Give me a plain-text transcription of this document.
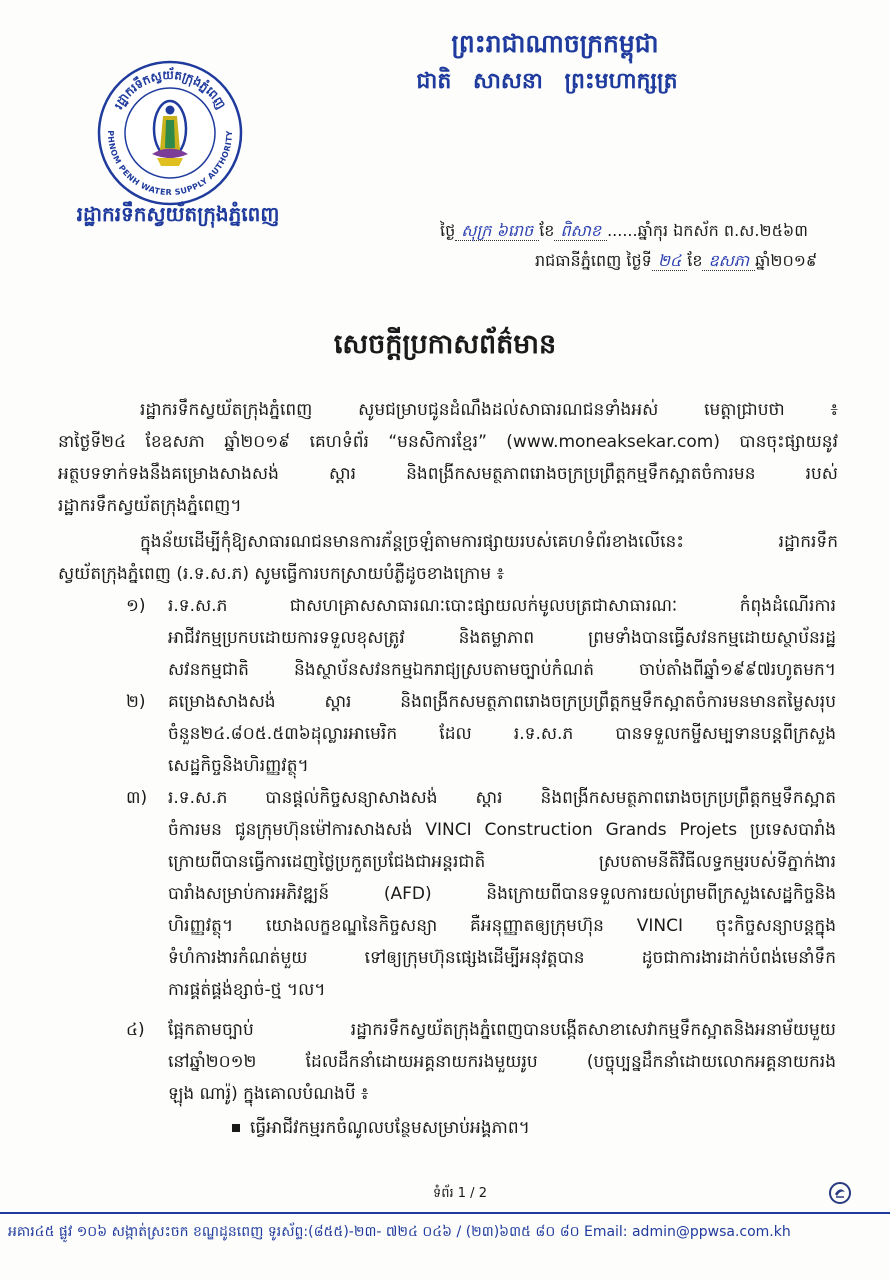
ព្រះរាជាណាចក្រកម្ពុជា
ជាតិ សាសនា ព្រះមហាក្សត្រ
រដ្ឋាករទឹកស្វយ័តក្រុងភ្នំពេញ
PHNOM PENH WATER SUPPLY AUTHORITY
រដ្ឋាករទឹកស្វយ័តក្រុងភ្នំពេញ
ថ្ងៃ សុក្រ ៦រោច ខែ ពិសាខ ......ឆ្នាំកុរ ឯកស័ក ព.ស.២៥៦៣
រាជធានីភ្នំពេញ ថ្ងៃទី ២៤ ខែ ឧសភា ឆ្នាំ២០១៩
សេចក្តីប្រកាសព័ត៌មាន
រដ្ឋាករទឹកស្វយ័តក្រុងភ្នំពេញ សូមជម្រាបជូនដំណឹងដល់សាធារណជនទាំងអស់ មេត្តាជ្រាបថា ៖
នាថ្ងៃទី២៤ ខែឧសភា ឆ្នាំ២០១៩ គេហទំព័រ “មនសិការខ្មែរ” (www.moneaksekar.com) បានចុះផ្សាយនូវ
អត្ថបទទាក់ទងនឹងគម្រោងសាងសង់ ស្តារ និងពង្រីកសមត្ថភាពរោងចក្រប្រព្រឹត្តកម្មទឹកស្អាតចំការមន របស់
រដ្ឋាករទឹកស្វយ័តក្រុងភ្នំពេញ។
ក្នុងន័យដើម្បីកុំឱ្យសាធារណជនមានការភ័ន្តច្រឡំតាមការផ្សាយរបស់គេហទំព័រខាងលើនេះ រដ្ឋាករទឹក
ស្វយ័តក្រុងភ្នំពេញ (រ.ទ.ស.ភ) សូមធ្វើការបកស្រាយបំភ្លឺដូចខាងក្រោម ៖
១) រ.ទ.ស.ភ ជាសហគ្រាសសាធារណៈបោះផ្សាយលក់មូលបត្រជាសាធារណៈ កំពុងដំណើរការ
អាជីវកម្មប្រកបដោយការទទួលខុសត្រូវ និងតម្លាភាព ព្រមទាំងបានធ្វើសវនកម្មដោយស្ថាប័នរដ្ឋ
សវនកម្មជាតិ និងស្ថាប័នសវនកម្មឯករាជ្យស្របតាមច្បាប់កំណត់ ចាប់តាំងពីឆ្នាំ១៩៩៧រហូតមក។
២) គម្រោងសាងសង់ ស្តារ និងពង្រីកសមត្ថភាពរោងចក្រប្រព្រឹត្តកម្មទឹកស្អាតចំការមនមានតម្លៃសរុប
ចំនួន២៤.៨០៥.៥៣៦ដុល្លារអាមេរិក ដែល រ.ទ.ស.ភ បានទទួលកម្ចីសម្បទានបន្តពីក្រសួង
សេដ្ឋកិច្ចនិងហិរញ្ញវត្ថុ។
៣) រ.ទ.ស.ភ បានផ្តល់កិច្ចសន្យាសាងសង់ ស្តារ និងពង្រីកសមត្ថភាពរោងចក្រប្រព្រឹត្តកម្មទឹកស្អាត
ចំការមន ជូនក្រុមហ៊ុនម៉ៅការសាងសង់ VINCI Construction Grands Projets ប្រទេសបារាំង
ក្រោយពីបានធ្វើការដេញថ្លៃប្រកួតប្រជែងជាអន្តរជាតិ ស្របតាមនីតិវិធីលទ្ធកម្មរបស់ទីភ្នាក់ងារ
បារាំងសម្រាប់ការអភិវឌ្ឍន៍ (AFD) និងក្រោយពីបានទទួលការយល់ព្រមពីក្រសួងសេដ្ឋកិច្ចនិង
ហិរញ្ញវត្ថុ។ យោងលក្ខខណ្ឌនៃកិច្ចសន្យា គឺអនុញ្ញាតឲ្យក្រុមហ៊ុន VINCI ចុះកិច្ចសន្យាបន្តក្នុង
ទំហំការងារកំណត់មួយ ទៅឲ្យក្រុមហ៊ុនផ្សេងដើម្បីអនុវត្តបាន ដូចជាការងារដាក់បំពង់មេនាំទឹក
ការផ្គត់ផ្គង់ខ្សាច់-ថ្ម ។ល។
៤) ផ្អែកតាមច្បាប់ រដ្ឋាករទឹកស្វយ័តក្រុងភ្នំពេញបានបង្កើតសាខាសេវាកម្មទឹកស្អាតនិងអនាម័យមួយ
នៅឆ្នាំ២០១២ ដែលដឹកនាំដោយអគ្គនាយករងមួយរូប (បច្ចុប្បន្នដឹកនាំដោយលោកអគ្គនាយករង
ឡុង ណារ៉ូ) ក្នុងគោលបំណងបី ៖
ធ្វើអាជីវកម្មរកចំណូលបន្ថែមសម្រាប់អង្គភាព។
ទំព័រ 1 / 2
អគារ៤៥ ផ្លូវ ១០៦ សង្កាត់ស្រះចក ខណ្ឌដូនពេញ ទូរស័ព្ទ:(៨៥៥)-២៣- ៧២៤ ០៤៦ / (២៣)៦៣៥ ៨០ ៨០ Email: admin@ppwsa.com.kh
